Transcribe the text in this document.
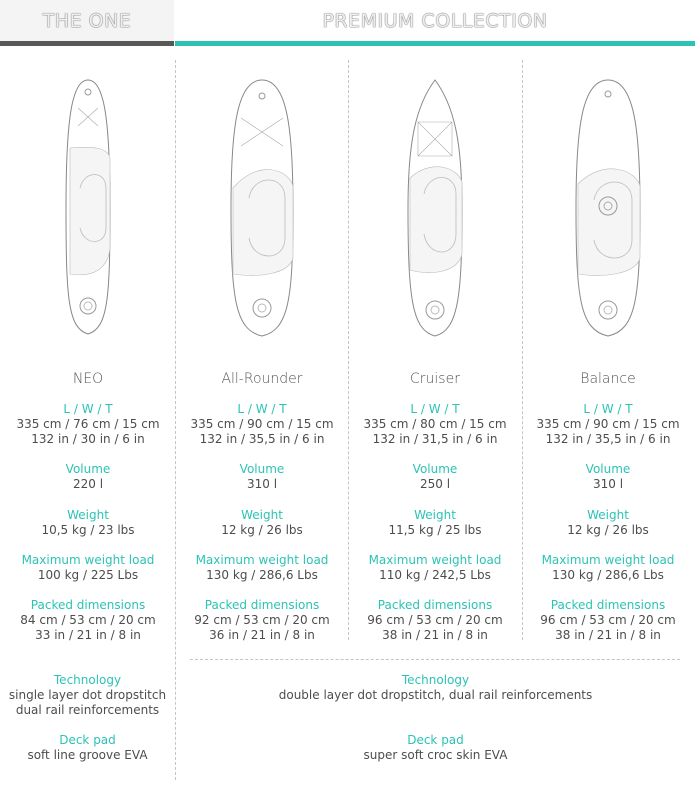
THE ONE	PREMIUM COLLECTION
NEO
L / W / T
335 cm / 76 cm / 15 cm
132 in / 30 in / 6 in
Volume
220 l
Weight
10,5 kg / 23 lbs
Maximum weight load
100 kg / 225 Lbs
Packed dimensions
84 cm / 53 cm / 20 cm
33 in / 21 in / 8 in
All-Rounder
L / W / T
335 cm / 90 cm / 15 cm
132 in / 35,5 in / 6 in
Volume
310 l
Weight
12 kg / 26 lbs
Maximum weight load
130 kg / 286,6 Lbs
Packed dimensions
92 cm / 53 cm / 20 cm
36 in / 21 in / 8 in
Cruiser
L / W / T
335 cm / 80 cm / 15 cm
132 in / 31,5 in / 6 in
Volume
250 l
Weight
11,5 kg / 25 lbs
Maximum weight load
110 kg / 242,5 Lbs
Packed dimensions
96 cm / 53 cm / 20 cm
38 in / 21 in / 8 in
Balance
L / W / T
335 cm / 90 cm / 15 cm
132 in / 35,5 in / 6 in
Volume
310 l
Weight
12 kg / 26 lbs
Maximum weight load
130 kg / 286,6 Lbs
Packed dimensions
96 cm / 53 cm / 20 cm
38 in / 21 in / 8 in
Technology
single layer dot dropstitch
dual rail reinforcements
Deck pad
soft line groove EVA
Technology
double layer dot dropstitch, dual rail reinforcements
Deck pad
super soft croc skin EVA
